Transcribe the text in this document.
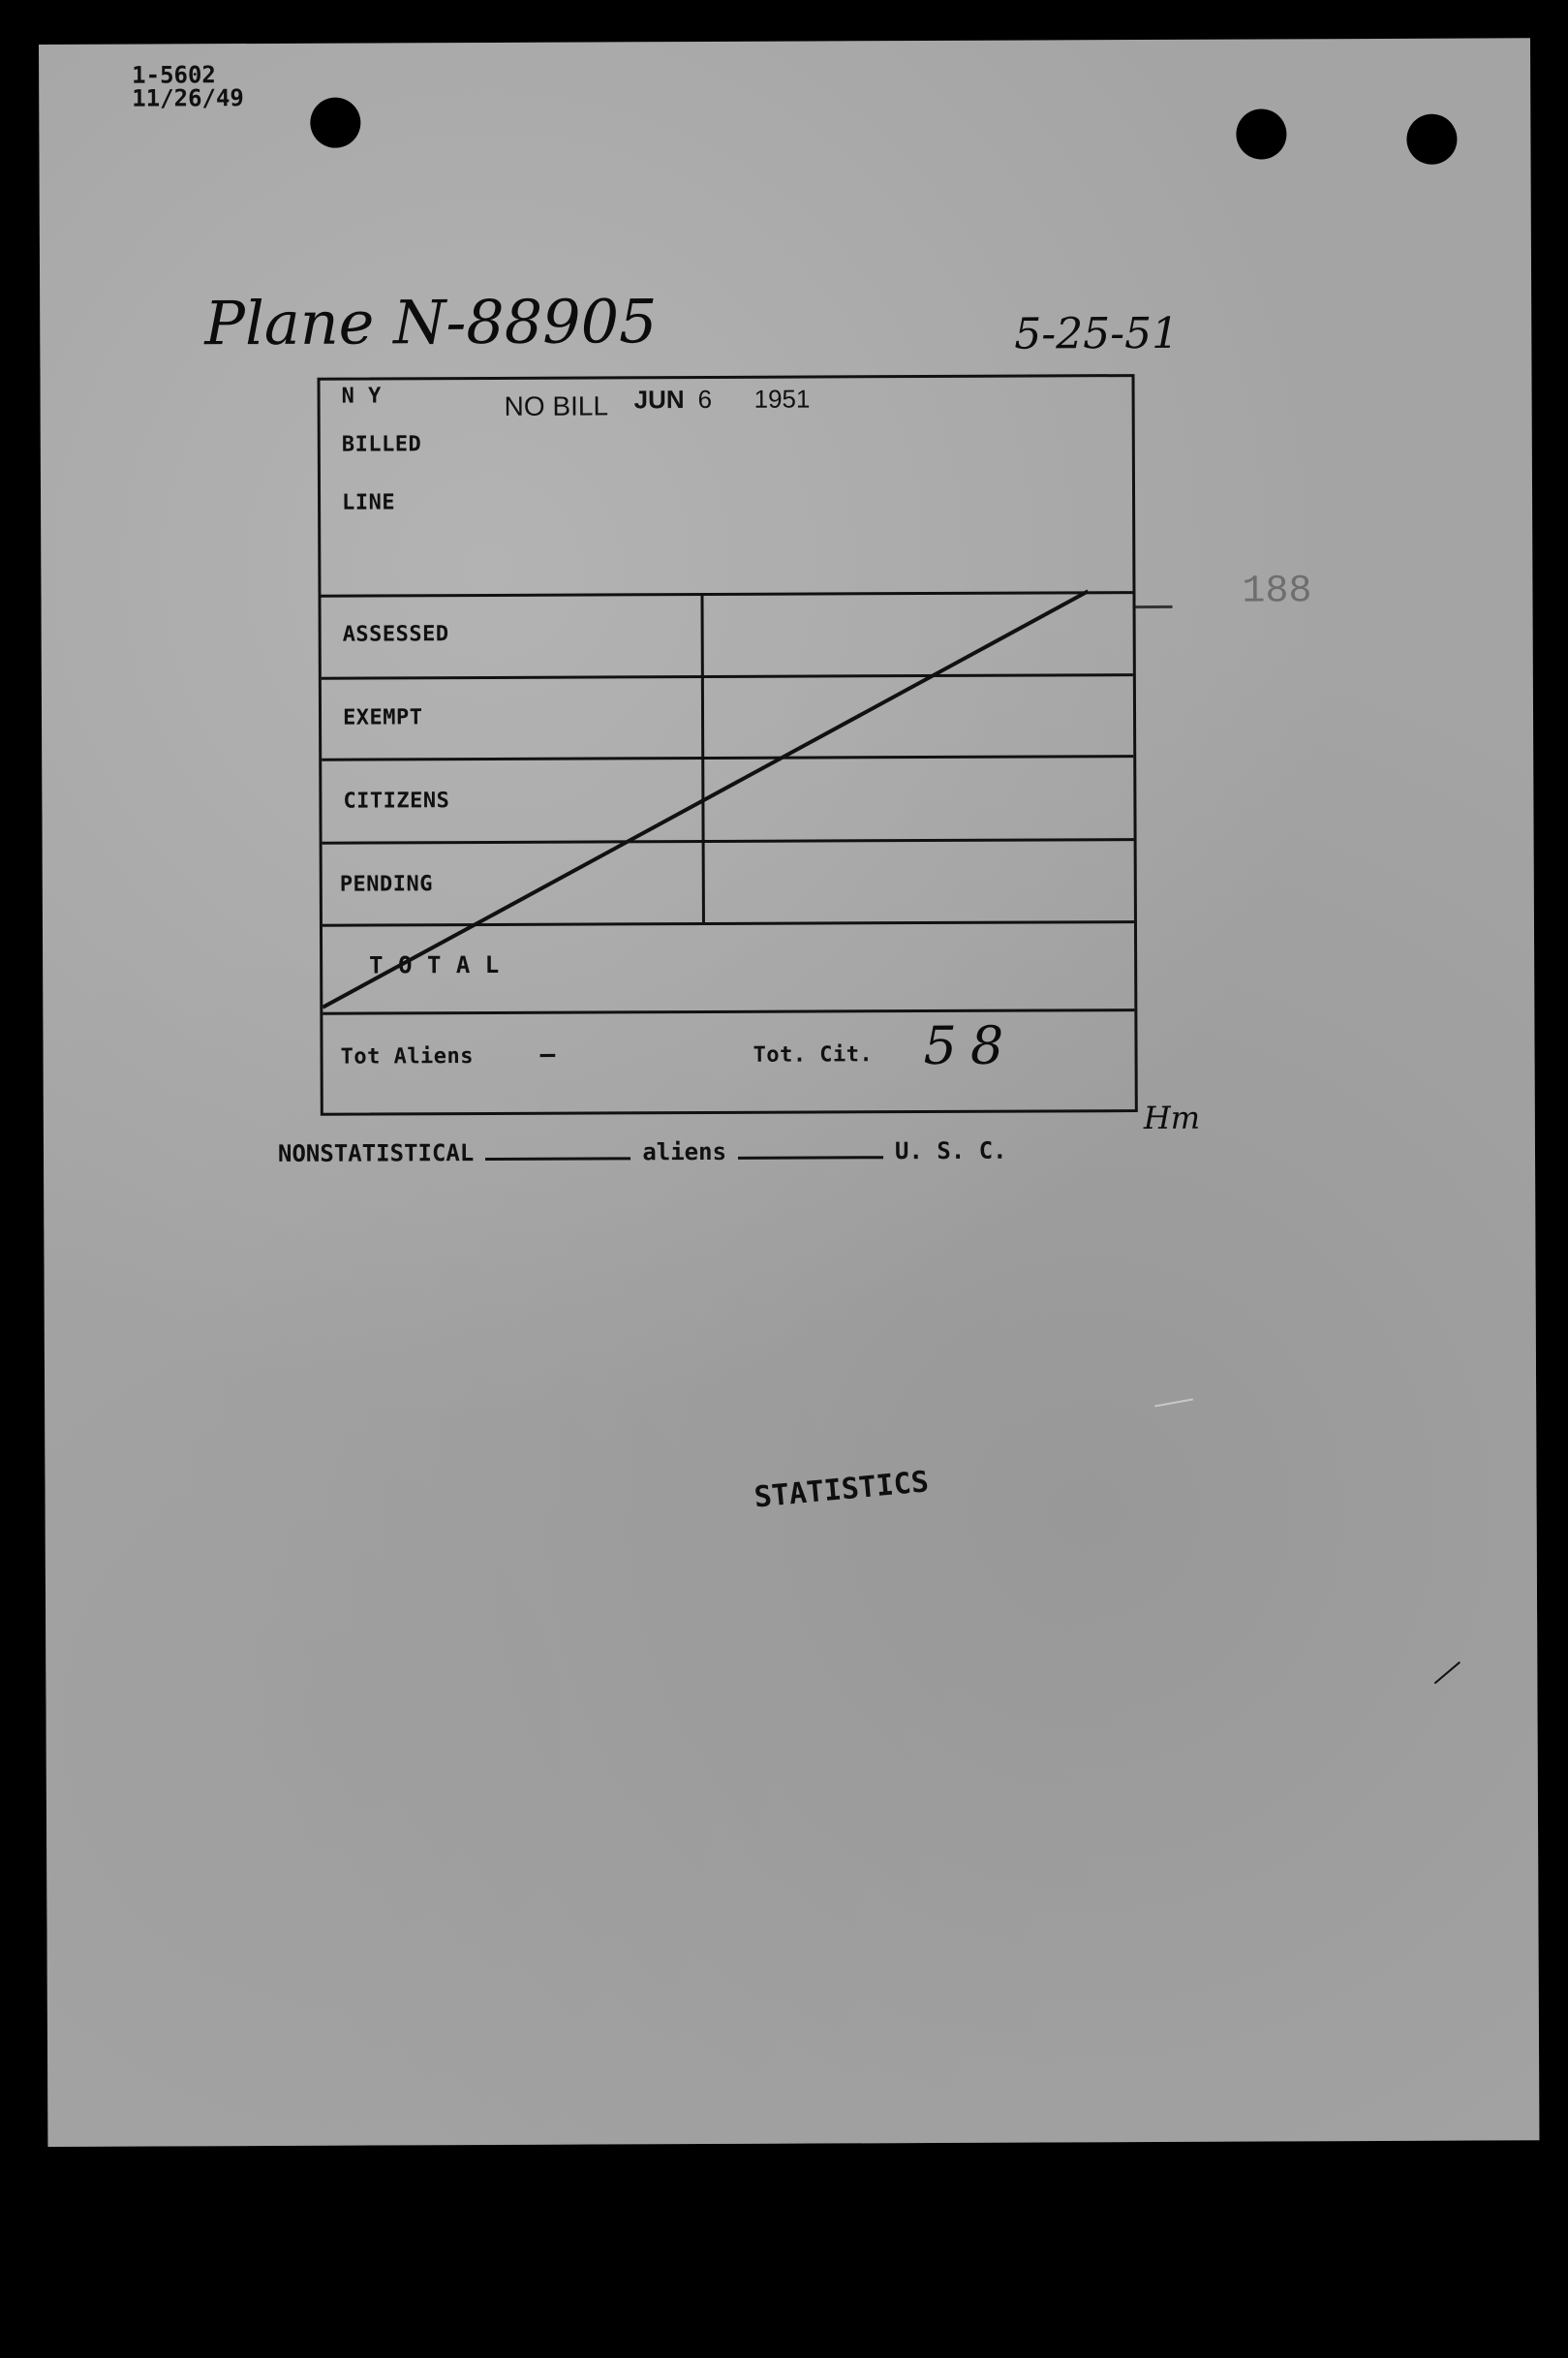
1-5602
11/26/49
Plane N-88905	5-25-51
N Y	NO BILL JUN 6 1951
BILLED
LINE
ASSESSED
EXEMPT
CITIZENS
PENDING
T O T A L
Tot Aliens	—	Tot. Cit. 58
Hm
188
NONSTATISTICAL	aliens	U. S. C.
STATISTICS
